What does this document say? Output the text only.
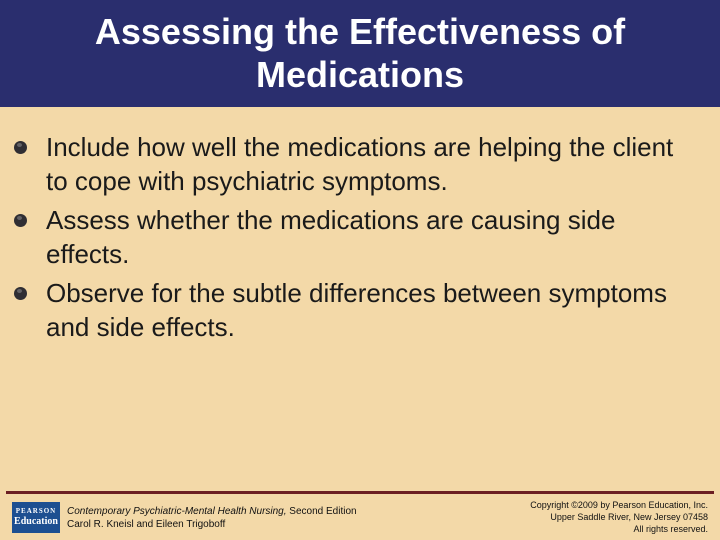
Assessing the Effectiveness of Medications
Include how well the medications are helping the client to cope with psychiatric symptoms.
Assess whether the medications are causing side effects.
Observe for the subtle differences between symptoms and side effects.
PEARSON
Education
Contemporary Psychiatric-Mental Health Nursing, Second Edition
Carol R. Kneisl and Eileen Trigoboff
Copyright ©2009 by Pearson Education, Inc.
Upper Saddle River, New Jersey 07458
All rights reserved.
